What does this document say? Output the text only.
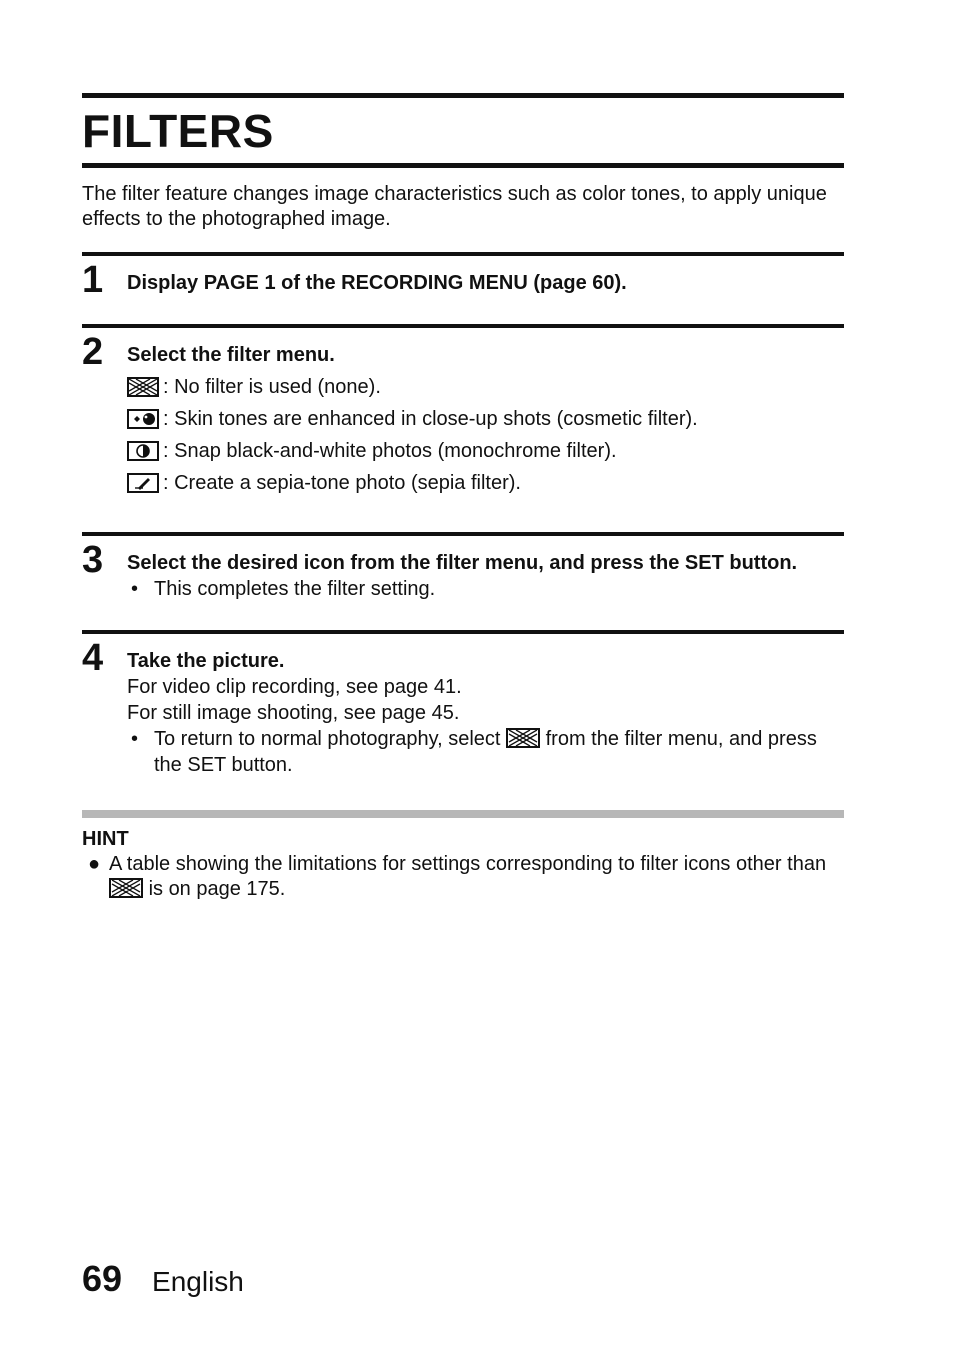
FILTERS
The filter feature changes image characteristics such as color tones, to apply unique effects to the photographed image.
1 Display PAGE 1 of the RECORDING MENU (page 60).
2 Select the filter menu.
: No filter is used (none).
: Skin tones are enhanced in close-up shots (cosmetic filter).
: Snap black-and-white photos (monochrome filter).
: Create a sepia-tone photo (sepia filter).
3 Select the desired icon from the filter menu, and press the SET button.
• This completes the filter setting.
4 Take the picture.
For video clip recording, see page 41.
For still image shooting, see page 45.
• To return to normal photography, select from the filter menu, and press the SET button.
HINT
● A table showing the limitations for settings corresponding to filter icons other than
is on page 175.
69 English
